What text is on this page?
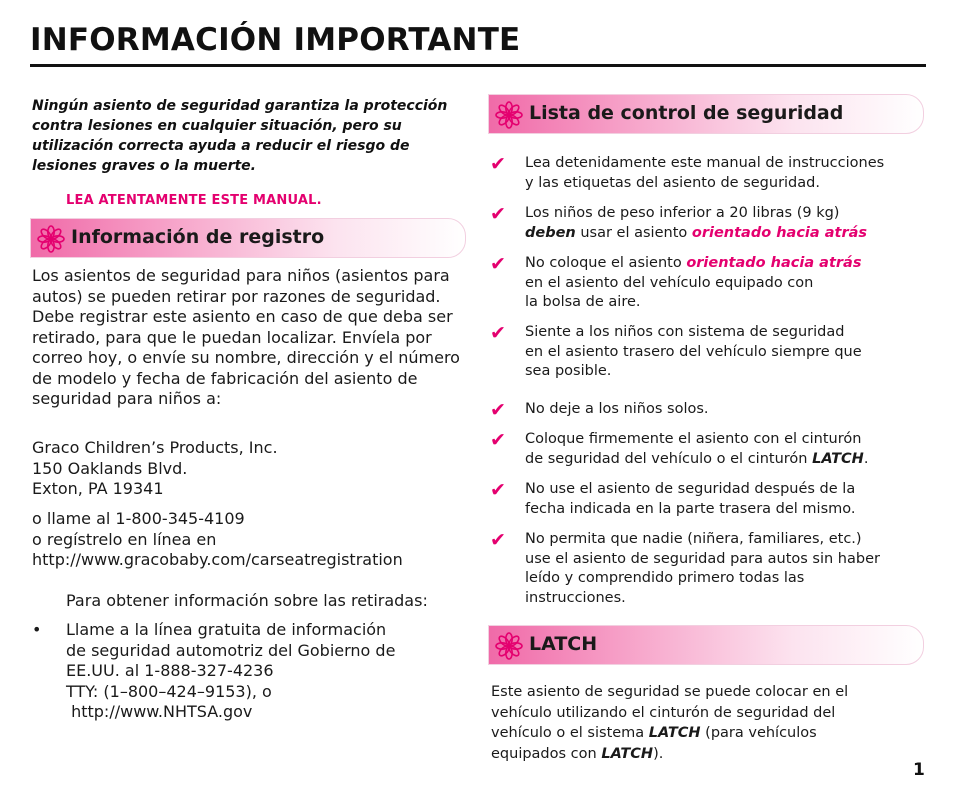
INFORMACIÓN IMPORTANTE

Ningún asiento de seguridad garantiza la protección contra lesiones en cualquier situación, pero su utilización correcta ayuda a reducir el riesgo de lesiones graves o la muerte.

LEA ATENTAMENTE ESTE MANUAL.

Información de registro

Los asientos de seguridad para niños (asientos para autos) se pueden retirar por razones de seguridad. Debe registrar este asiento en caso de que deba ser retirado, para que le puedan localizar. Envíela por correo hoy, o envíe su nombre, dirección y el número de modelo y fecha de fabricación del asiento de seguridad para niños a:

Graco Children’s Products, Inc.
150 Oaklands Blvd.
Exton, PA 19341
o llame al 1-800-345-4109
o regístrelo en línea en
http://www.gracobaby.com/carseatregistration

Para obtener información sobre las retiradas:

• Llame a la línea gratuita de información
de seguridad automotriz del Gobierno de
EE.UU. al 1-888-327-4236
TTY: (1–800–424–9153), o
http://www.NHTSA.gov
Lista de control de seguridad
✔ Lea detenidamente este manual de instrucciones
y las etiquetas del asiento de seguridad.
✔ Los niños de peso inferior a 20 libras (9 kg)
deben usar el asiento orientado hacia atrás
✔ No coloque el asiento orientado hacia atrás
en el asiento del vehículo equipado con
la bolsa de aire.
✔ Siente a los niños con sistema de seguridad
en el asiento trasero del vehículo siempre que
sea posible.
✔ No deje a los niños solos.
✔ Coloque firmemente el asiento con el cinturón
de seguridad del vehículo o el cinturón LATCH.
✔ No use el asiento de seguridad después de la
fecha indicada en la parte trasera del mismo.
✔ No permita que nadie (niñera, familiares, etc.)
use el asiento de seguridad para autos sin haber
leído y comprendido primero todas las
instrucciones.
LATCH
Este asiento de seguridad se puede colocar en el
vehículo utilizando el cinturón de seguridad del
vehículo o el sistema LATCH (para vehículos
equipados con LATCH).
1
